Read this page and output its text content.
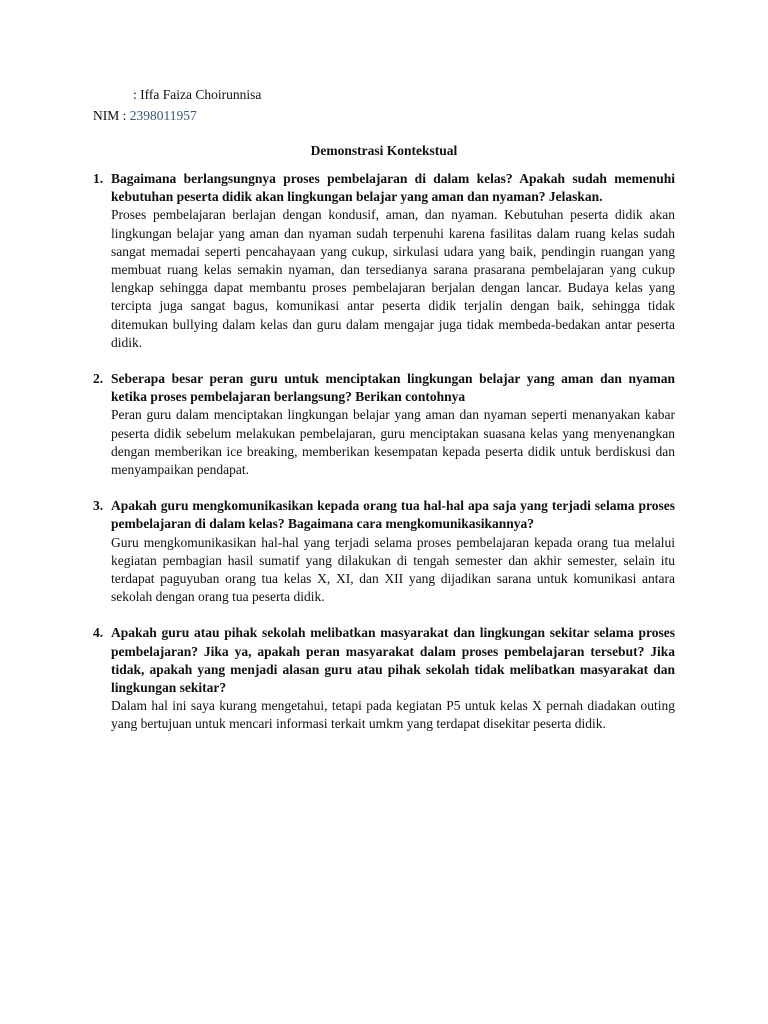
: Iffa Faiza Choirunnisa
NIM : 2398011957
Demonstrasi Kontekstual
1. Bagaimana berlangsungnya proses pembelajaran di dalam kelas? Apakah sudah memenuhi kebutuhan peserta didik akan lingkungan belajar yang aman dan nyaman? Jelaskan.

Proses pembelajaran berlajan dengan kondusif, aman, dan nyaman. Kebutuhan peserta didik akan lingkungan belajar yang aman dan nyaman sudah terpenuhi karena fasilitas dalam ruang kelas sudah sangat memadai seperti pencahayaan yang cukup, sirkulasi udara yang baik, pendingin ruangan yang membuat ruang kelas semakin nyaman, dan tersedianya sarana prasarana pembelajaran yang cukup lengkap sehingga dapat membantu proses pembelajaran berjalan dengan lancar. Budaya kelas yang tercipta juga sangat bagus, komunikasi antar peserta didik terjalin dengan baik, sehingga tidak ditemukan bullying dalam kelas dan guru dalam mengajar juga tidak membeda-bedakan antar peserta didik.

2. Seberapa besar peran guru untuk menciptakan lingkungan belajar yang aman dan nyaman ketika proses pembelajaran berlangsung? Berikan contohnya

Peran guru dalam menciptakan lingkungan belajar yang aman dan nyaman seperti menanyakan kabar peserta didik sebelum melakukan pembelajaran, guru menciptakan suasana kelas yang menyenangkan dengan memberikan ice breaking, memberikan kesempatan kepada peserta didik untuk berdiskusi dan menyampaikan pendapat.

3. Apakah guru mengkomunikasikan kepada orang tua hal-hal apa saja yang terjadi selama proses pembelajaran di dalam kelas? Bagaimana cara mengkomunikasikannya?

Guru mengkomunikasikan hal-hal yang terjadi selama proses pembelajaran kepada orang tua melalui kegiatan pembagian hasil sumatif yang dilakukan di tengah semester dan akhir semester, selain itu terdapat paguyuban orang tua kelas X, XI, dan XII yang dijadikan sarana untuk komunikasi antara sekolah dengan orang tua peserta didik.

4. Apakah guru atau pihak sekolah melibatkan masyarakat dan lingkungan sekitar selama proses pembelajaran? Jika ya, apakah peran masyarakat dalam proses pembelajaran tersebut? Jika tidak, apakah yang menjadi alasan guru atau pihak sekolah tidak melibatkan masyarakat dan lingkungan sekitar?

Dalam hal ini saya kurang mengetahui, tetapi pada kegiatan P5 untuk kelas X pernah diadakan outing yang bertujuan untuk mencari informasi terkait umkm yang terdapat disekitar peserta didik.
